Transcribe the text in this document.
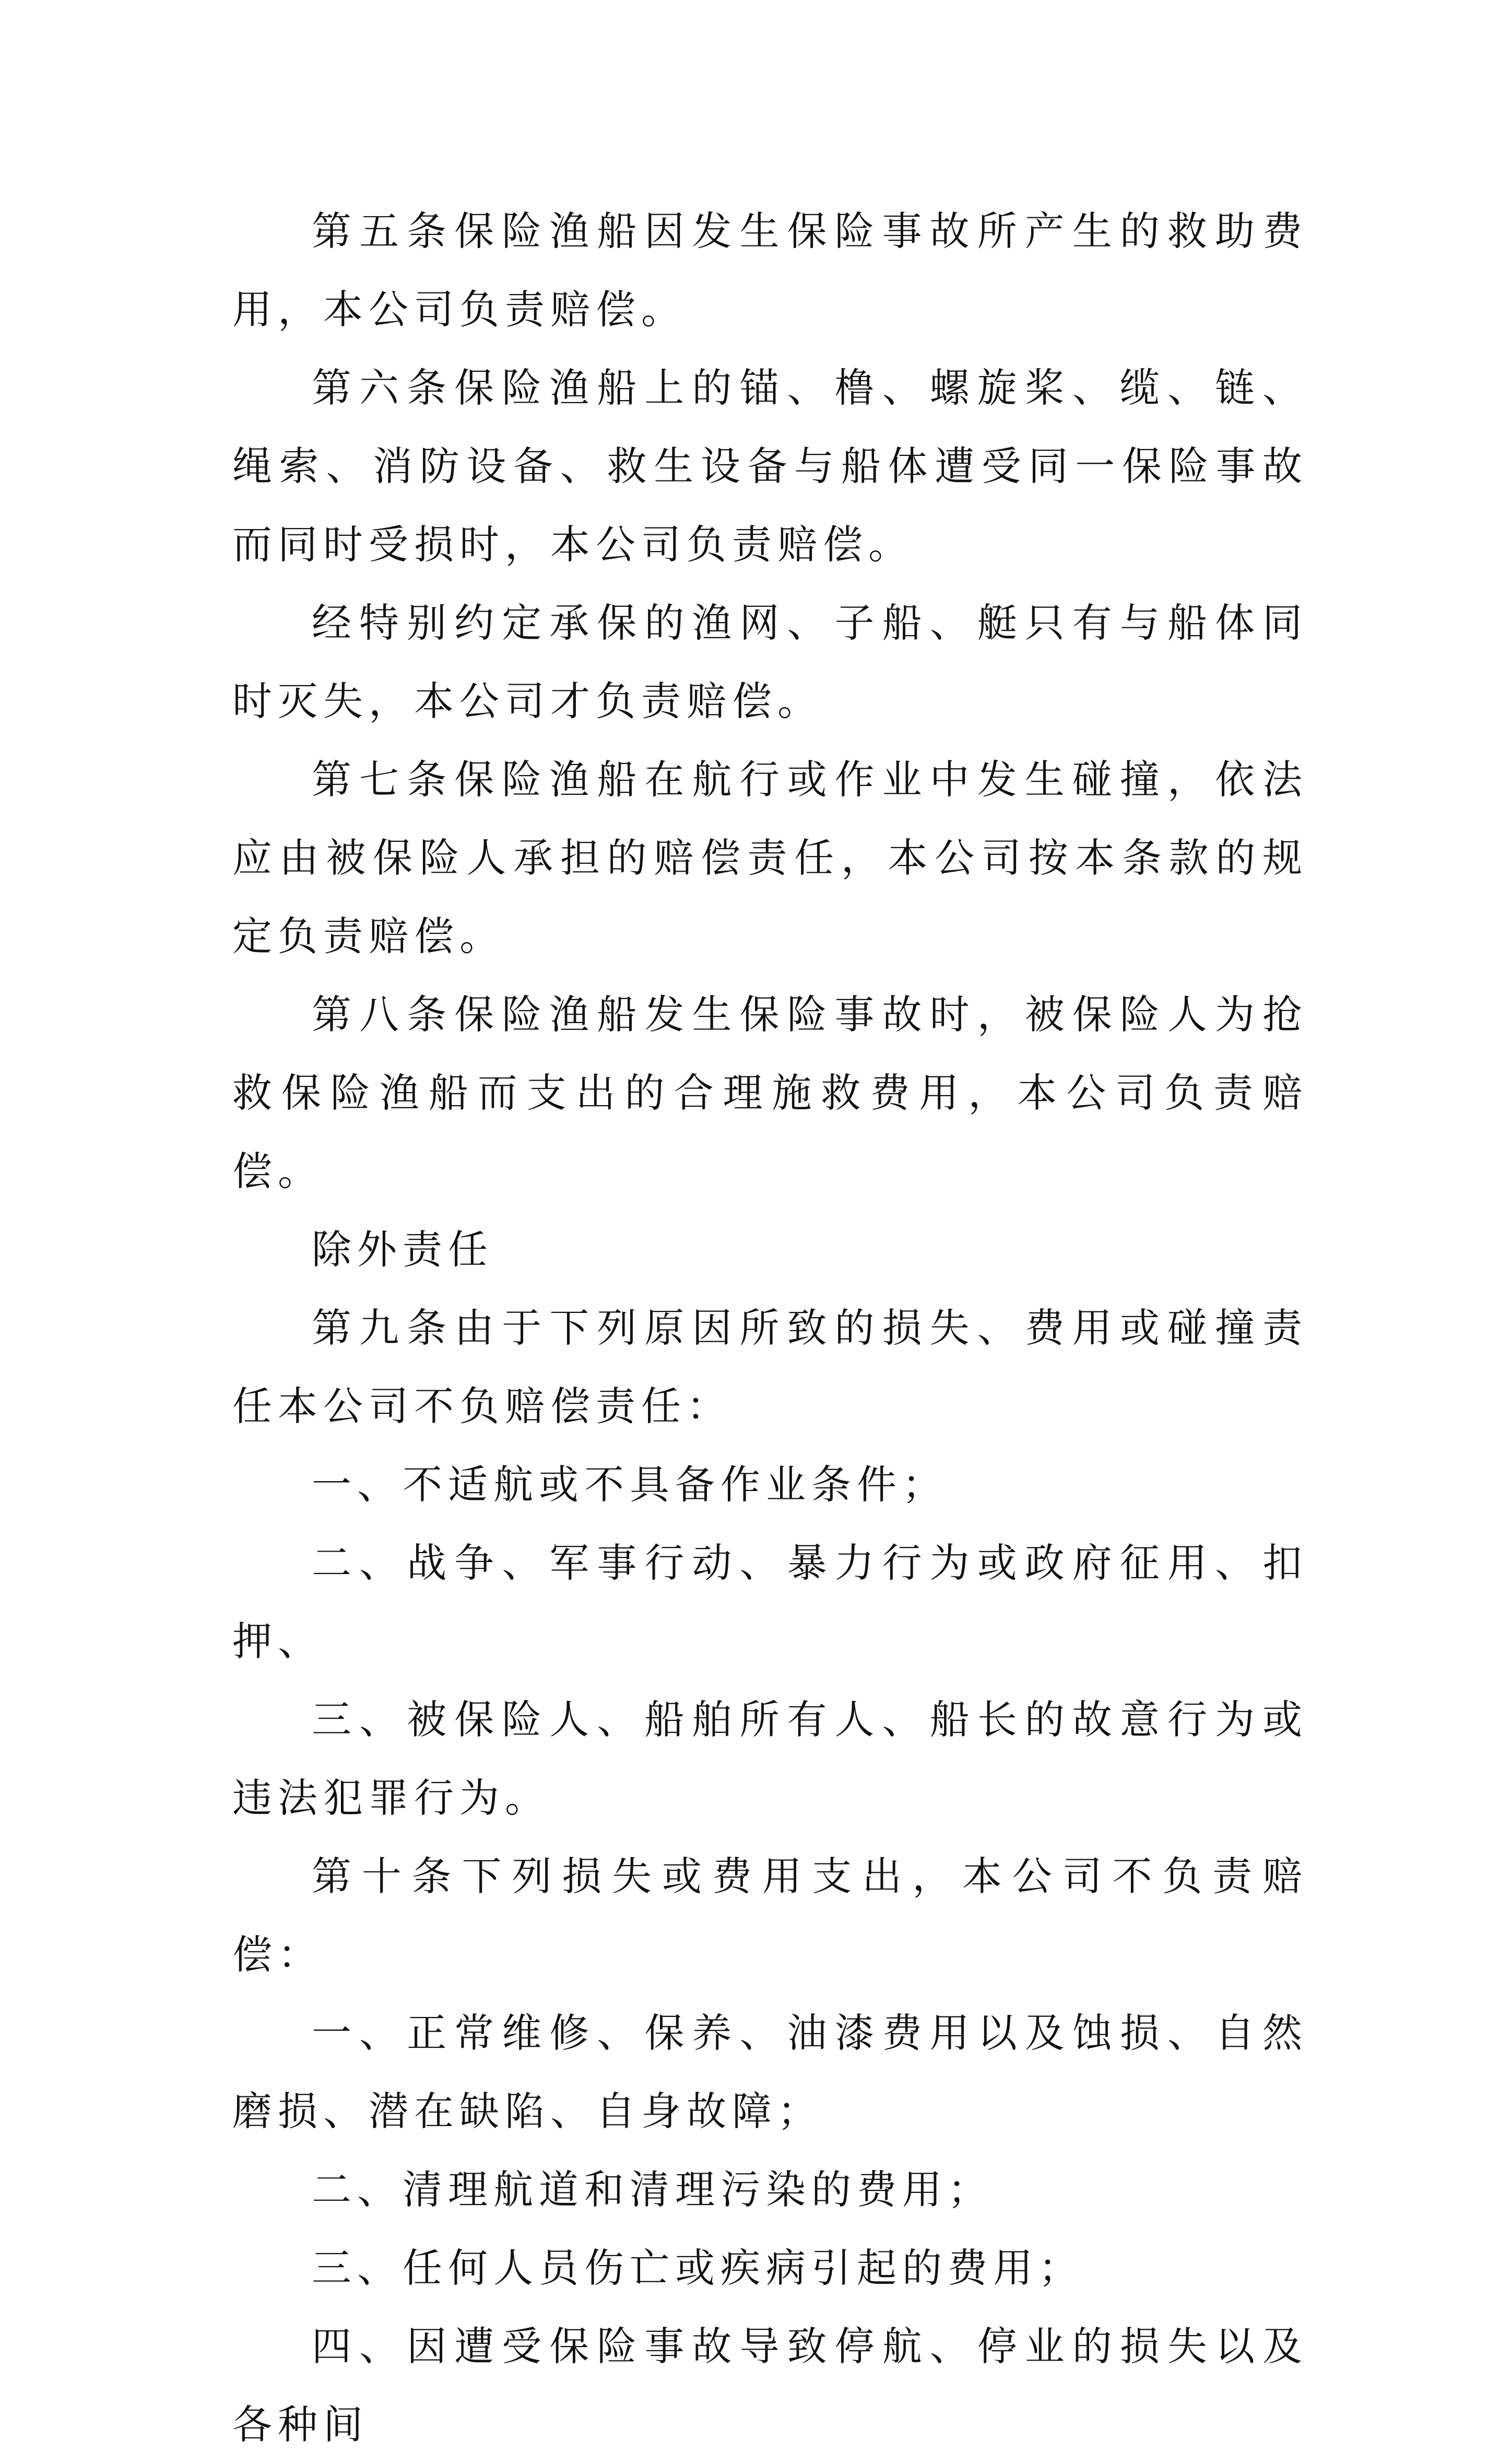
第五条保险渔船因发生保险事故所产生的救助费用，本公司负责赔偿。

第六条保险渔船上的锚、橹、螺旋桨、缆、链、绳索、消防设备、救生设备与船体遭受同一保险事故而同时受损时，本公司负责赔偿。

经特别约定承保的渔网、子船、艇只有与船体同时灭失，本公司才负责赔偿。

第七条保险渔船在航行或作业中发生碰撞，依法应由被保险人承担的赔偿责任，本公司按本条款的规定负责赔偿。

第八条保险渔船发生保险事故时，被保险人为抢救保险渔船而支出的合理施救费用，本公司负责赔偿。

除外责任

第九条由于下列原因所致的损失、费用或碰撞责任本公司不负赔偿责任：

一、不适航或不具备作业条件；

二、战争、军事行动、暴力行为或政府征用、扣押、

三、被保险人、船舶所有人、船长的故意行为或违法犯罪行为。

第十条下列损失或费用支出，本公司不负责赔偿：

一、正常维修、保养、油漆费用以及蚀损、自然磨损、潜在缺陷、自身故障；

二、清理航道和清理污染的费用；

三、任何人员伤亡或疾病引起的费用；

四、因遭受保险事故导致停航、停业的损失以及各种间
